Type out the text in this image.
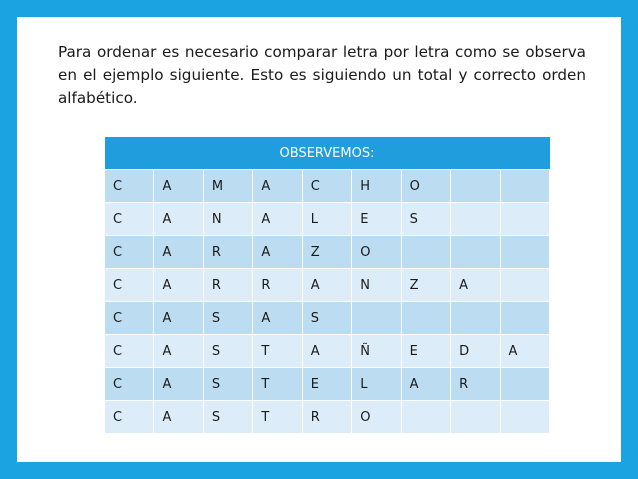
Para ordenar es necesario comparar letra por letra como se observa en el ejemplo siguiente. Esto es siguiendo un total y correcto orden alfabético.

OBSERVEMOS:								
C	A	M	A	C	H	O		
C	A	N	A	L	E	S		
C	A	R	A	Z	O			
C	A	R	R	A	N	Z	A	
C	A	S	A	S				
C	A	S	T	A	Ñ	E	D	A
C	A	S	T	E	L	A	R	
C	A	S	T	R	O			
